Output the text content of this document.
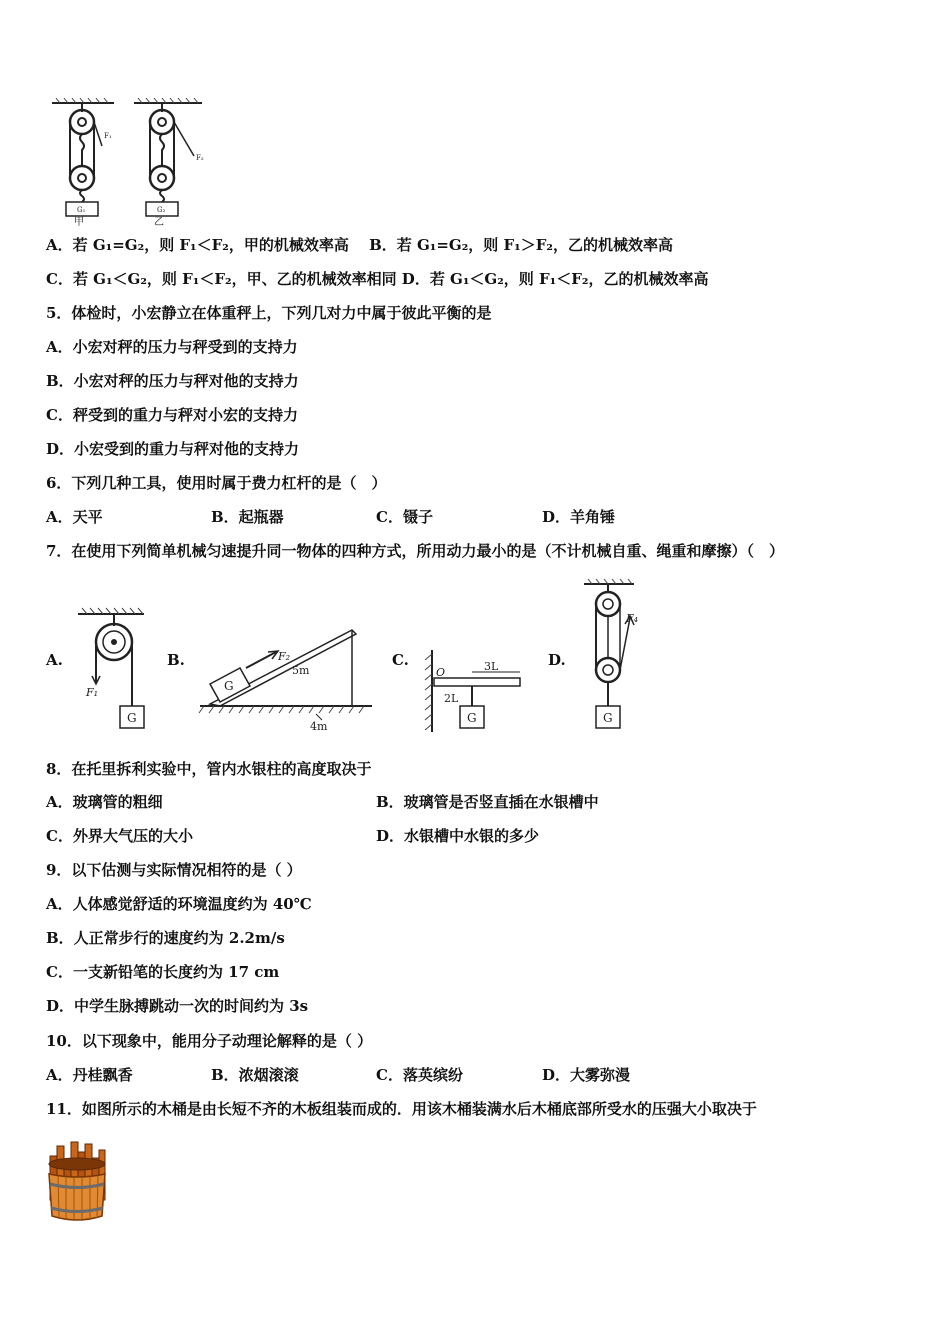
F₁
G₁
甲
F₂
G₂
乙
A．若 G₁=G₂，则 F₁＜F₂，甲的机械效率高　 B．若 G₁=G₂，则 F₁＞F₂，乙的机械效率高
C．若 G₁＜G₂，则 F₁＜F₂，甲、乙的机械效率相同 D．若 G₁＜G₂，则 F₁＜F₂，乙的机械效率高
5．体检时，小宏静立在体重秤上，下列几对力中属于彼此平衡的是
A．小宏对秤的压力与秤受到的支持力
B．小宏对秤的压力与秤对他的支持力
C．秤受到的重力与秤对小宏的支持力
D．小宏受到的重力与秤对他的支持力
6．下列几种工具，使用时属于费力杠杆的是（　）
A．天平	B．起瓶器	C．镊子	D．羊角锤
7．在使用下列简单机械匀速提升同一物体的四种方式，所用动力最小的是（不计机械自重、绳重和摩擦）（　）
A.	B.	C.	D.
F₁
G
G
F₂
5m
4m
O	3L
2L
G
F₄
G
8．在托里拆利实验中，管内水银柱的高度取决于
A．玻璃管的粗细	B．玻璃管是否竖直插在水银槽中
C．外界大气压的大小	D．水银槽中水银的多少
9．以下估测与实际情况相符的是（ ）
A．人体感觉舒适的环境温度约为 40℃
B．人正常步行的速度约为 2.2m/s
C．一支新铅笔的长度约为 17 cm
D．中学生脉搏跳动一次的时间约为 3s
10．以下现象中，能用分子动理论解释的是（ ）
A．丹桂飘香	B．浓烟滚滚	C．落英缤纷	D．大雾弥漫
11．如图所示的木桶是由长短不齐的木板组装而成的．用该木桶装满水后木桶底部所受水的压强大小取决于
